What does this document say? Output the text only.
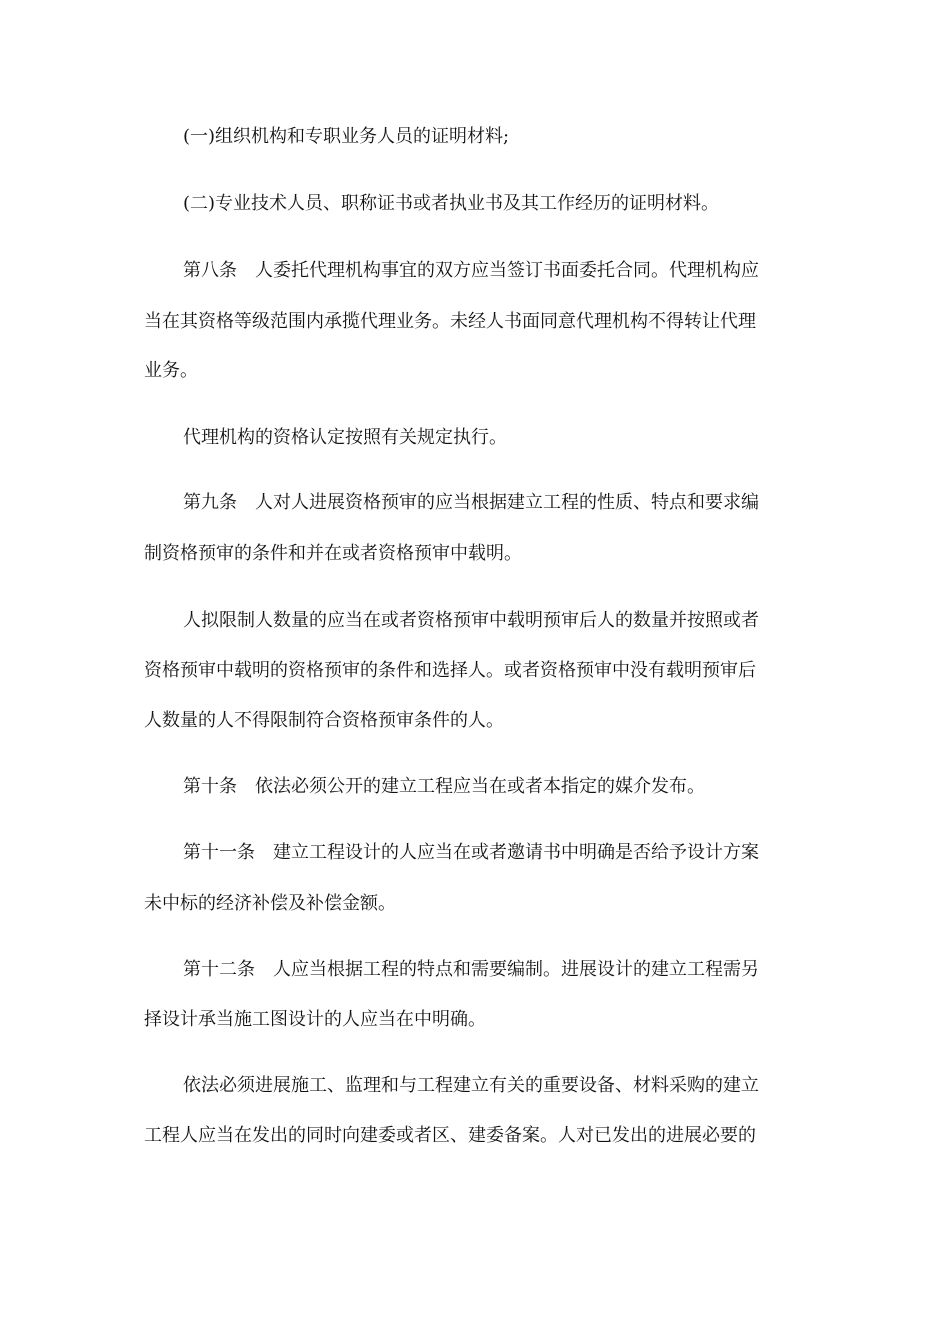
(一)组织机构和专职业务人员的证明材料;
(二)专业技术人员、职称证书或者执业书及其工作经历的证明材料。
第八条　人委托代理机构事宜的双方应当签订书面委托合同。代理机构应
当在其资格等级范围内承揽代理业务。未经人书面同意代理机构不得转让代理
业务。
代理机构的资格认定按照有关规定执行。
第九条　人对人进展资格预审的应当根据建立工程的性质、特点和要求编
制资格预审的条件和并在或者资格预审中载明。
人拟限制人数量的应当在或者资格预审中载明预审后人的数量并按照或者
资格预审中载明的资格预审的条件和选择人。或者资格预审中没有载明预审后
人数量的人不得限制符合资格预审条件的人。
第十条　依法必须公开的建立工程应当在或者本指定的媒介发布。
第十一条　建立工程设计的人应当在或者邀请书中明确是否给予设计方案
未中标的经济补偿及补偿金额。
第十二条　人应当根据工程的特点和需要编制。进展设计的建立工程需另
择设计承当施工图设计的人应当在中明确。
依法必须进展施工、监理和与工程建立有关的重要设备、材料采购的建立
工程人应当在发出的同时向建委或者区、建委备案。人对已发出的进展必要的
